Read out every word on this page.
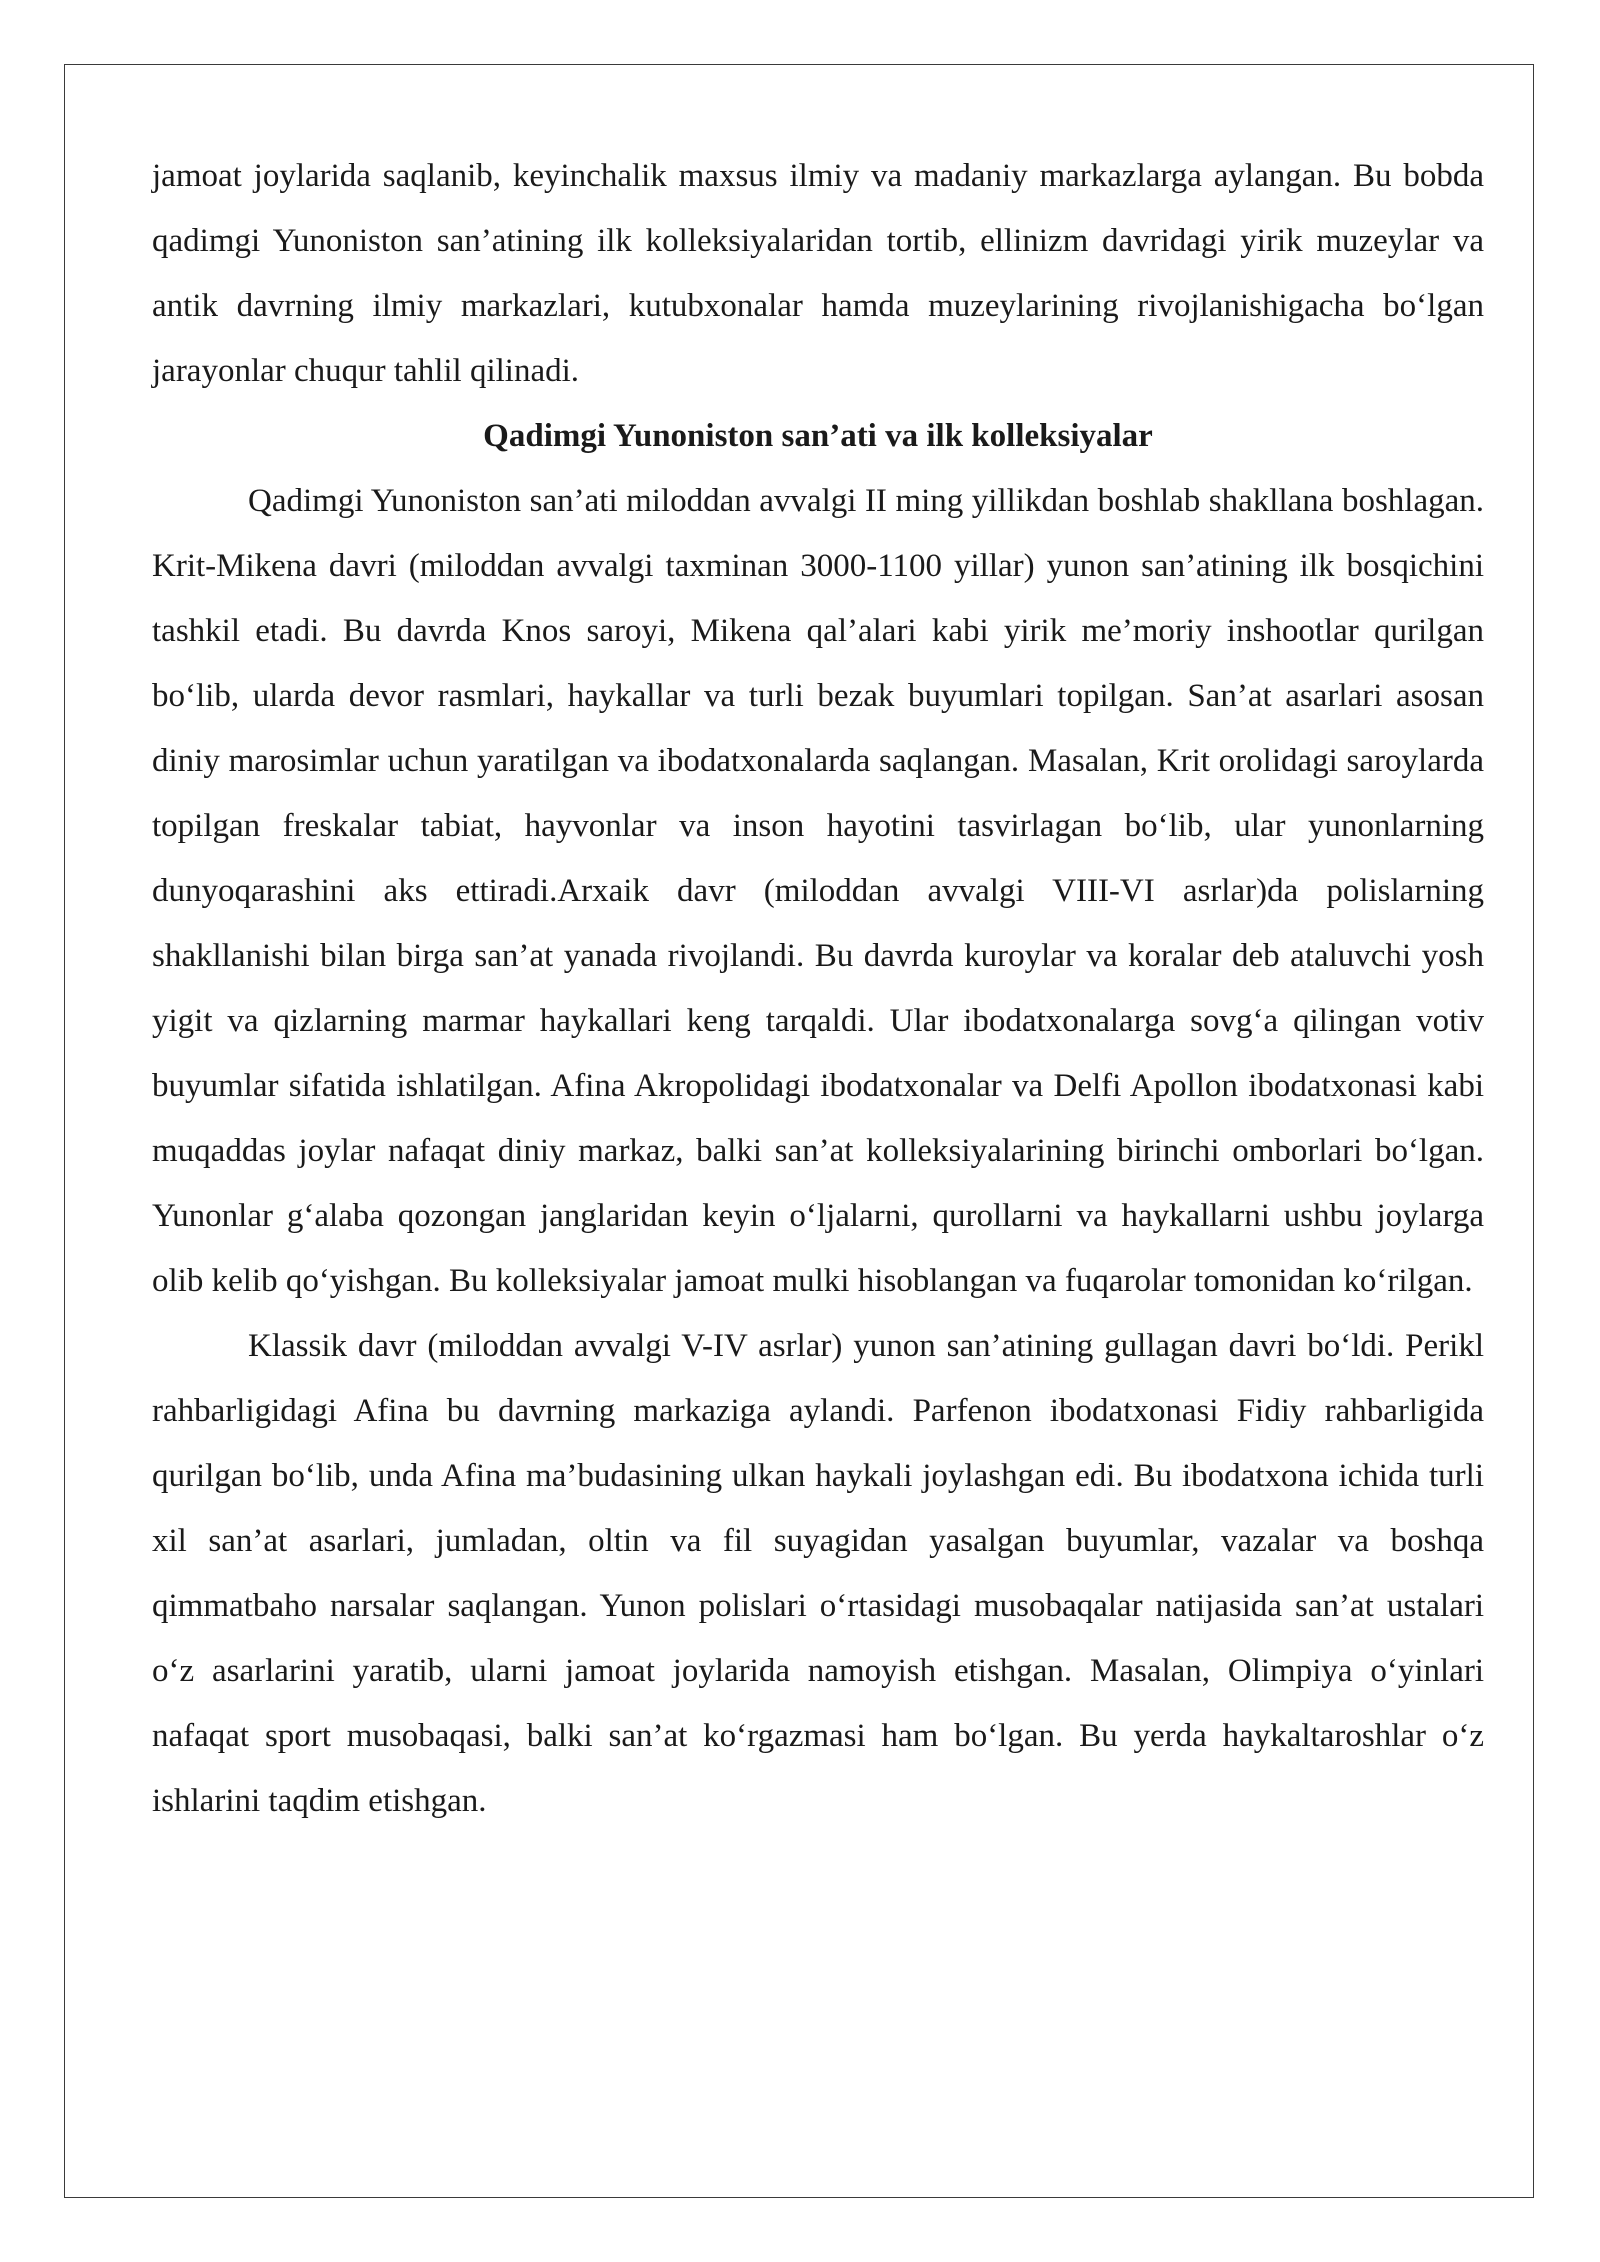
jamoat joylarida saqlanib, keyinchalik maxsus ilmiy va madaniy markazlarga aylangan. Bu bobda qadimgi Yunoniston san’atining ilk kolleksiyalaridan tortib, ellinizm davridagi yirik muzeylar va antik davrning ilmiy markazlari, kutubxonalar hamda muzeylarining rivojlanishigacha bo‘lgan jarayonlar chuqur tahlil qilinadi.

Qadimgi Yunoniston san’ati va ilk kolleksiyalar

Qadimgi Yunoniston san’ati miloddan avvalgi II ming yillikdan boshlab shakllana boshlagan. Krit-Mikena davri (miloddan avvalgi taxminan 3000-1100 yillar) yunon san’atining ilk bosqichini tashkil etadi. Bu davrda Knos saroyi, Mikena qal’alari kabi yirik me’moriy inshootlar qurilgan bo‘lib, ularda devor rasmlari, haykallar va turli bezak buyumlari topilgan. San’at asarlari asosan diniy marosimlar uchun yaratilgan va ibodatxonalarda saqlangan. Masalan, Krit orolidagi saroylarda topilgan freskalar tabiat, hayvonlar va inson hayotini tasvirlagan bo‘lib, ular yunonlarning dunyoqarashini aks ettiradi.Arxaik davr (miloddan avvalgi VIII-VI asrlar)da polislarning shakllanishi bilan birga san’at yanada rivojlandi. Bu davrda kuroylar va koralar deb ataluvchi yosh yigit va qizlarning marmar haykallari keng tarqaldi. Ular ibodatxonalarga sovg‘a qilingan votiv buyumlar sifatida ishlatilgan. Afina Akropolidagi ibodatxonalar va Delfi Apollon ibodatxonasi kabi muqaddas joylar nafaqat diniy markaz, balki san’at kolleksiyalarining birinchi omborlari bo‘lgan. Yunonlar g‘alaba qozongan janglaridan keyin o‘ljalarni, qurollarni va haykallarni ushbu joylarga olib kelib qo‘yishgan. Bu kolleksiyalar jamoat mulki hisoblangan va fuqarolar tomonidan ko‘rilgan.

Klassik davr (miloddan avvalgi V-IV asrlar) yunon san’atining gullagan davri bo‘ldi. Perikl rahbarligidagi Afina bu davrning markaziga aylandi. Parfenon ibodatxonasi Fidiy rahbarligida qurilgan bo‘lib, unda Afina ma’budasining ulkan haykali joylashgan edi. Bu ibodatxona ichida turli xil san’at asarlari, jumladan, oltin va fil suyagidan yasalgan buyumlar, vazalar va boshqa qimmatbaho narsalar saqlangan. Yunon polislari o‘rtasidagi musobaqalar natijasida san’at ustalari o‘z asarlarini yaratib, ularni jamoat joylarida namoyish etishgan. Masalan, Olimpiya o‘yinlari nafaqat sport musobaqasi, balki san’at ko‘rgazmasi ham bo‘lgan. Bu yerda haykaltaroshlar o‘z ishlarini taqdim etishgan.
